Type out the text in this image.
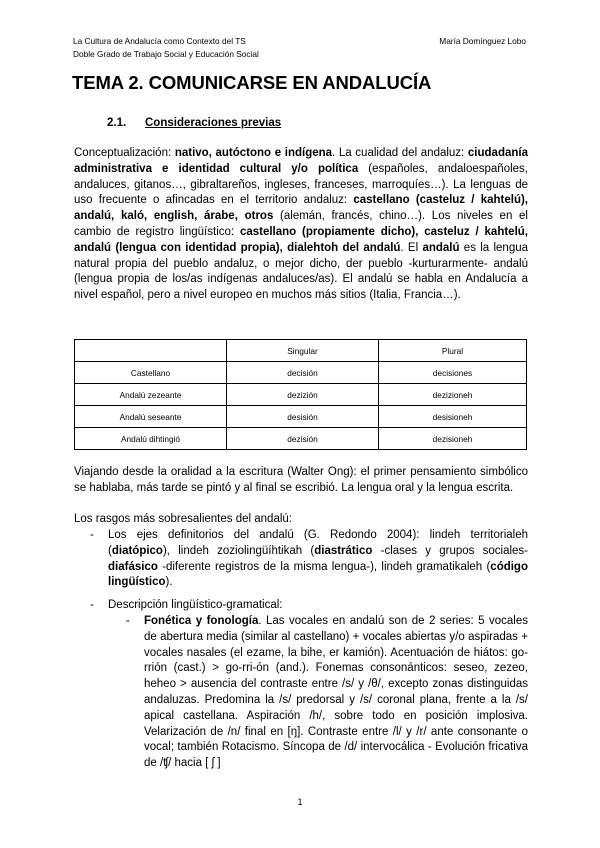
La Cultura de Andalucía como Contexto del TS
Doble Grado de Trabajo Social y Educación Social
María Domínguez Lobo
TEMA 2. COMUNICARSE EN ANDALUCÍA
2.1. Consideraciones previas

Conceptualización: nativo, autóctono e indígena. La cualidad del andaluz: ciudadanía administrativa e identidad cultural y/o política (españoles, andaloespañoles, andaluces, gitanos…, gibraltareños, ingleses, franceses, marroquíes…). La lenguas de uso frecuente o afincadas en el territorio andaluz: castellano (casteluz / kahtelú), andalú, kaló, english, árabe, otros (alemán, francés, chino…). Los niveles en el cambio de registro lingüístico: castellano (propiamente dicho), casteluz / kahtelú, andalú (lengua con identidad propia), dialehtoh del andalú. El andalú es la lengua natural propia del pueblo andaluz, o mejor dicho, der pueblo -kurturarmente- andalú (lengua propia de los/as indígenas andaluces/as). El andalú se habla en Andalucía a nivel español, pero a nivel europeo en muchos más sitios (Italia, Francia…).

	Singular	Plural
Castellano	decisión	decisiones
Andalú zezeante	dezizión	dezizioneh
Andalú seseante	desisión	desisioneh
Andalú dihtingió	dezisión	dezisioneh

Viajando desde la oralidad a la escritura (Walter Ong): el primer pensamiento simbólico se hablaba, más tarde se pintó y al final se escribió. La lengua oral y la lengua escrita.

Los rasgos más sobresalientes del andalú:

- Los ejes definitorios del andalú (G. Redondo 2004): lindeh territorialeh (diatópico), lindeh zoziolingüíhtikah (diastrático -clases y grupos sociales- diafásico -diferente registros de la misma lengua-), lindeh gramatikaleh (código lingüístico).

- Descripción lingüístico-gramatical:

- Fonética y fonología. Las vocales en andalú son de 2 series: 5 vocales de abertura media (similar al castellano) + vocales abiertas y/o aspiradas + vocales nasales (el ezame, la bihe, er kamión). Acentuación de hiátos: go-rrión (cast.) > go-rri-ón (and.). Fonemas consonánticos: seseo, zezeo, heheo > ausencia del contraste entre /s/ y /θ/, excepto zonas distinguidas andaluzas. Predomina la /s/ predorsal y /s/ coronal plana, frente a la /s/ apical castellana. Aspiración /h/, sobre todo en posición implosiva. Velarización de /n/ final en [ŋ]. Contraste entre /l/ y /r/ ante consonante o vocal; también Rotacismo. Síncopa de /d/ intervocálica - Evolución fricativa de /ʧ/ hacia [ ʃ ]

1
